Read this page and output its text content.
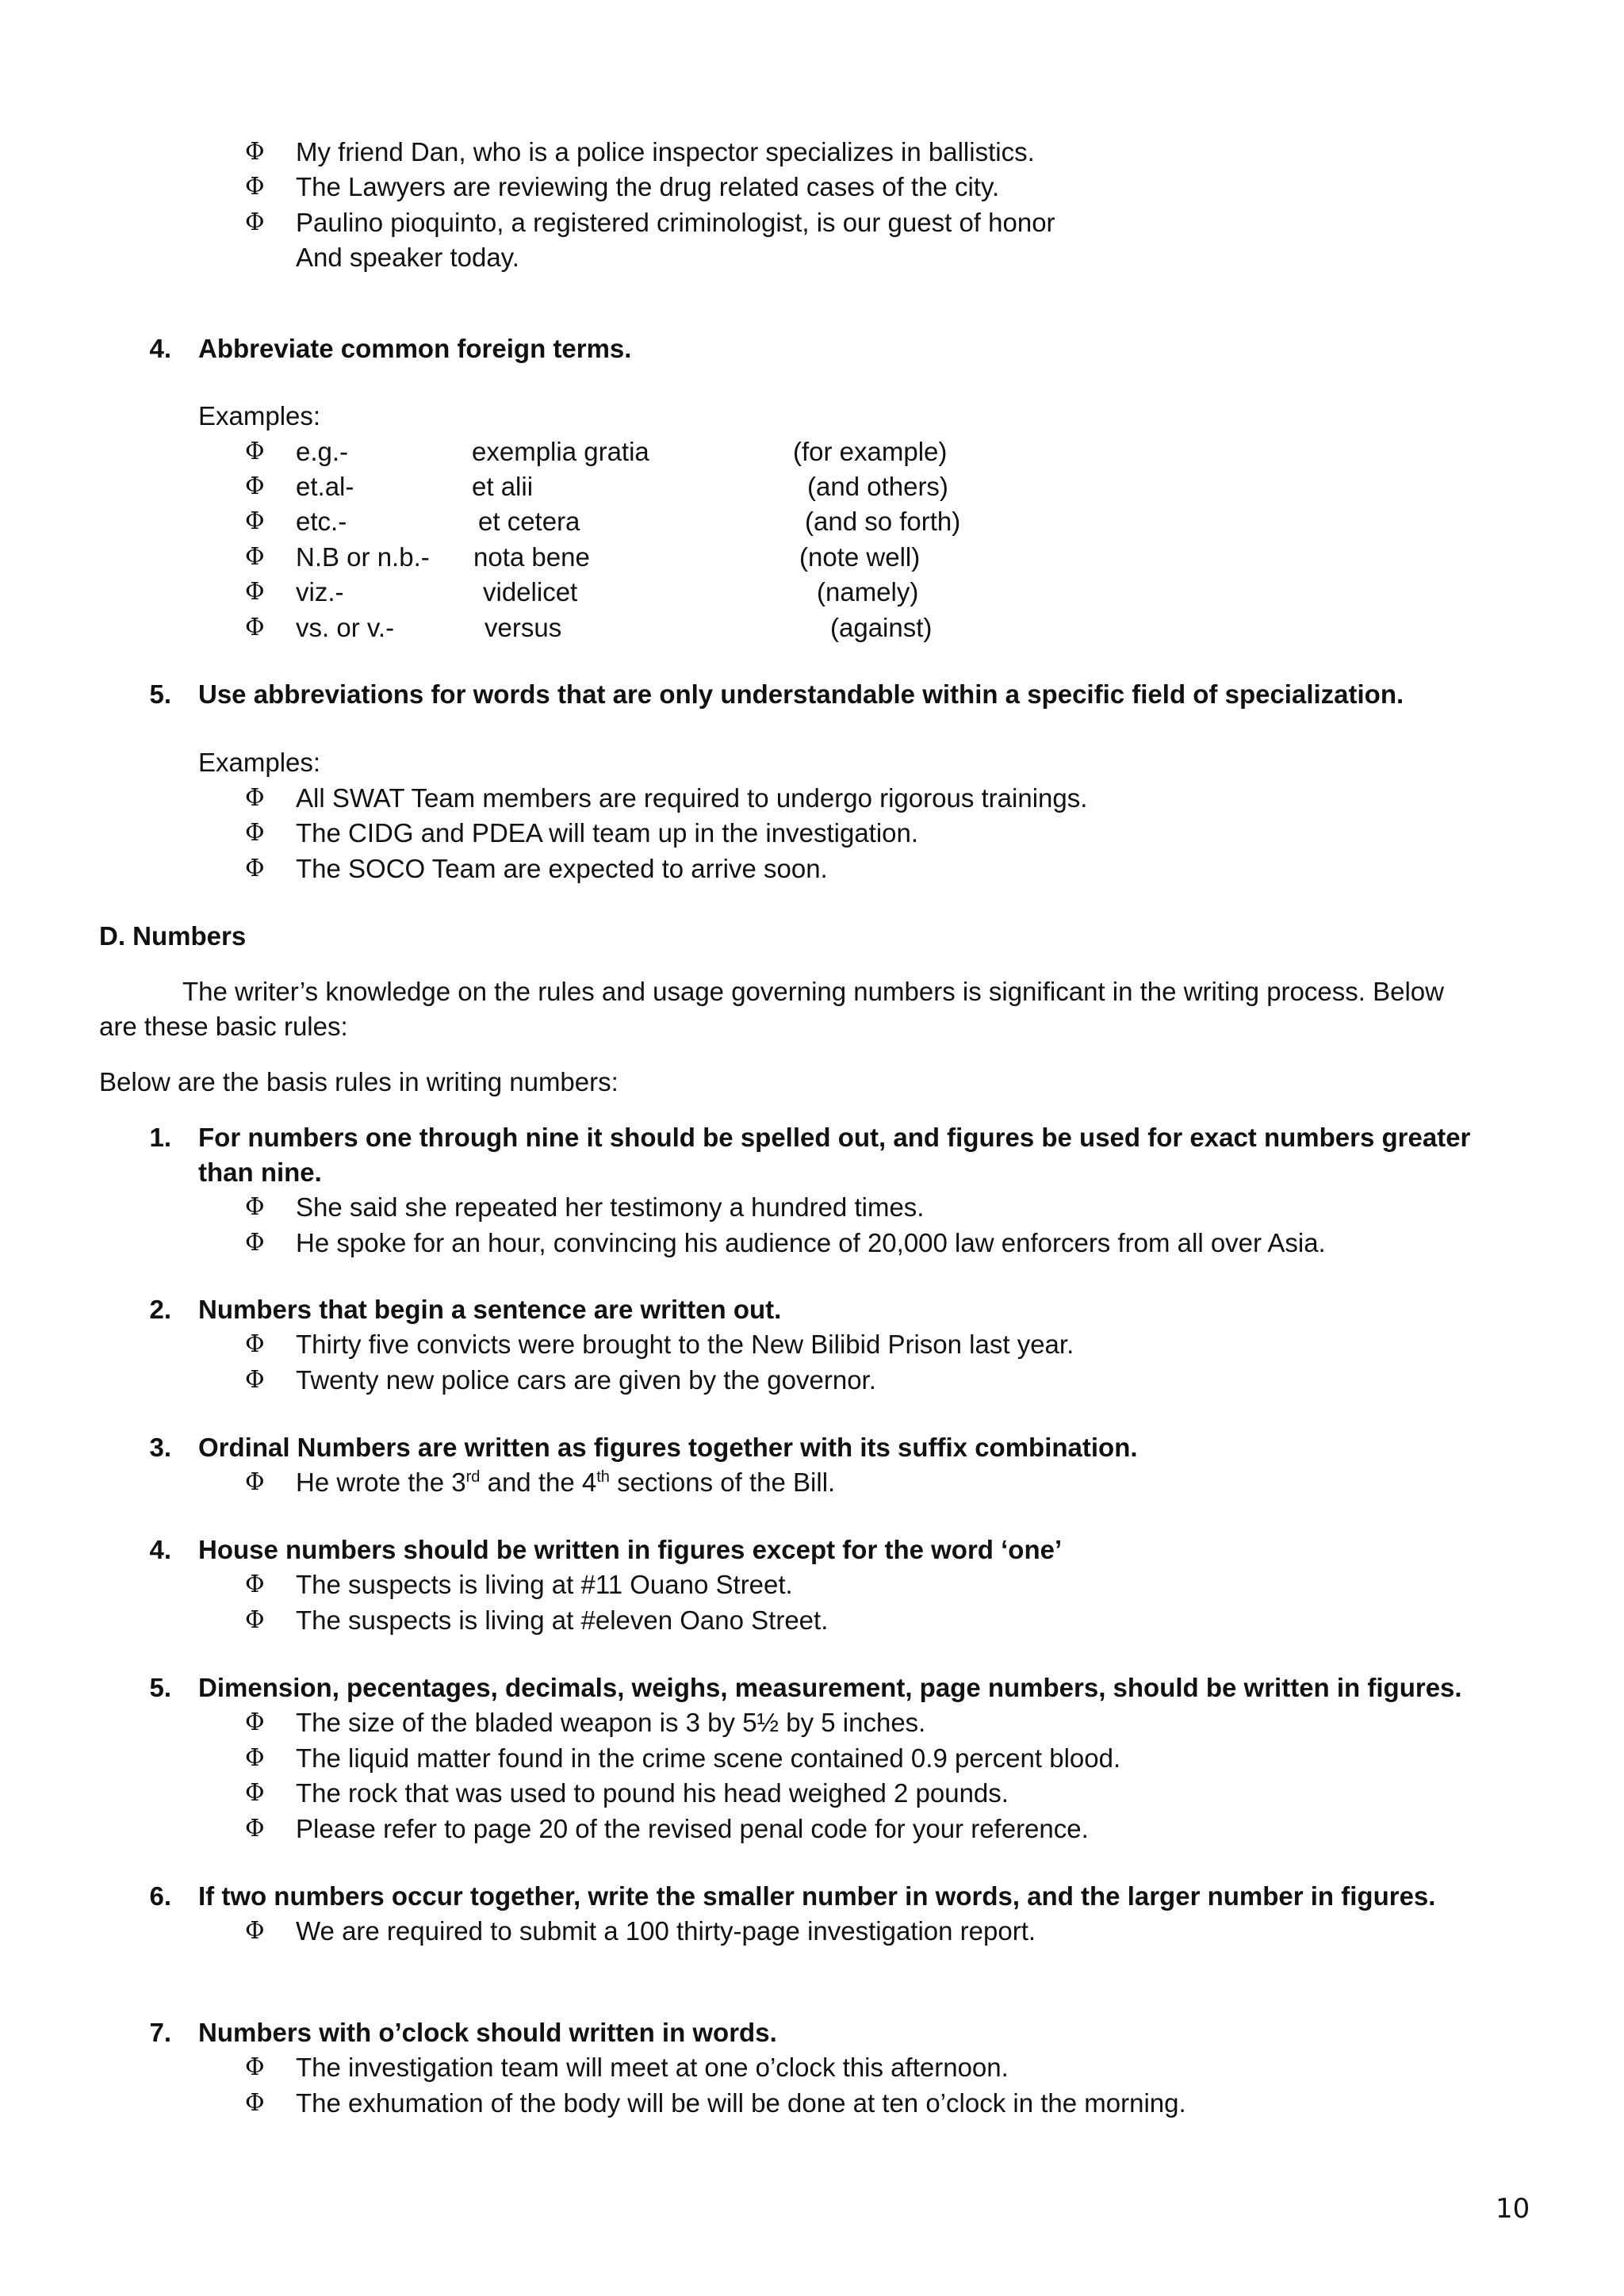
Φ My friend Dan, who is a police inspector specializes in ballistics.
Φ The Lawyers are reviewing the drug related cases of the city.
Φ Paulino pioquinto, a registered criminologist, is our guest of honor
And speaker today.
4. Abbreviate common foreign terms.
Examples:
Φ e.g.-	exemplia gratia	(for example)
Φ et.al-	et alii	(and others)
Φ etc.-	et cetera	(and so forth)
Φ N.B or n.b.- nota bene	(note well)
Φ viz.-	videlicet	(namely)
Φ vs. or v.-	versus	(against)
5. Use abbreviations for words that are only understandable within a specific field of specialization.
Examples:
Φ All SWAT Team members are required to undergo rigorous trainings.
Φ The CIDG and PDEA will team up in the investigation.
Φ The SOCO Team are expected to arrive soon.
D. Numbers
The writer’s knowledge on the rules and usage governing numbers is significant in the writing process. Below
are these basic rules:
Below are the basis rules in writing numbers:
1. For numbers one through nine it should be spelled out, and figures be used for exact numbers greater
than nine.
Φ She said she repeated her testimony a hundred times.
Φ He spoke for an hour, convincing his audience of 20,000 law enforcers from all over Asia.
2. Numbers that begin a sentence are written out.
Φ Thirty five convicts were brought to the New Bilibid Prison last year.
Φ Twenty new police cars are given by the governor.
3. Ordinal Numbers are written as figures together with its suffix combination.
Φ He wrote the 3rd and the 4th sections of the Bill.
4. House numbers should be written in figures except for the word ‘one’
Φ The suspects is living at #11 Ouano Street.
Φ The suspects is living at #eleven Oano Street.
5. Dimension, pecentages, decimals, weighs, measurement, page numbers, should be written in figures.
Φ The size of the bladed weapon is 3 by 5½ by 5 inches.
Φ The liquid matter found in the crime scene contained 0.9 percent blood.
Φ The rock that was used to pound his head weighed 2 pounds.
Φ Please refer to page 20 of the revised penal code for your reference.
6. If two numbers occur together, write the smaller number in words, and the larger number in figures.
Φ We are required to submit a 100 thirty-page investigation report.
7. Numbers with o’clock should written in words.
Φ The investigation team will meet at one o’clock this afternoon.
Φ The exhumation of the body will be will be done at ten o’clock in the morning.
10
